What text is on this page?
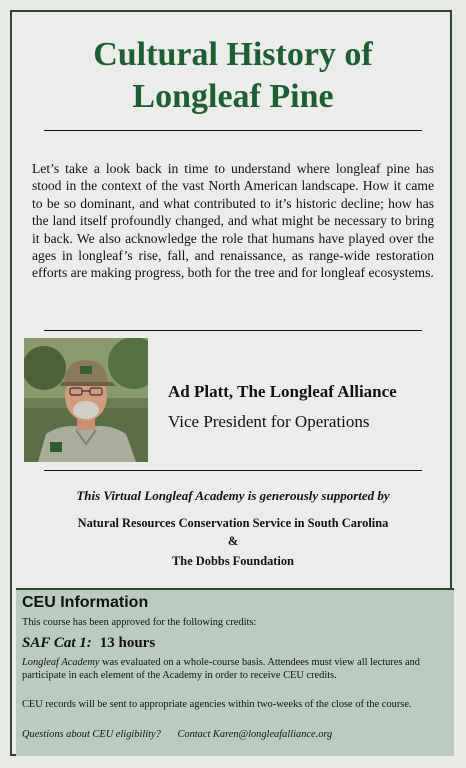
Cultural History of
Longleaf Pine
Let’s take a look back in time to understand where longleaf pine has stood in the context of the vast North American landscape. How it came to be so dominant, and what contributed to it’s historic decline; how has the land itself profoundly changed, and what might be necessary to bring it back. We also acknowledge the role that humans have played over the ages in longleaf’s rise, fall, and renaissance, as range-wide restoration efforts are making progress, both for the tree and for longleaf ecosystems.
Ad Platt, The Longleaf Alliance
Vice President for Operations
This Virtual Longleaf Academy is generously supported by
Natural Resources Conservation Service in South Carolina
&
The Dobbs Foundation
CEU Information
This course has been approved for the following credits:
SAF Cat 1: 13 hours
Longleaf Academy was evaluated on a whole-course basis. Attendees must view all lectures and participate in each element of the Academy in order to receive CEU credits.
CEU records will be sent to appropriate agencies within two-weeks of the close of the course.
Questions about CEU eligibility? Contact Karen@longleafalliance.org
